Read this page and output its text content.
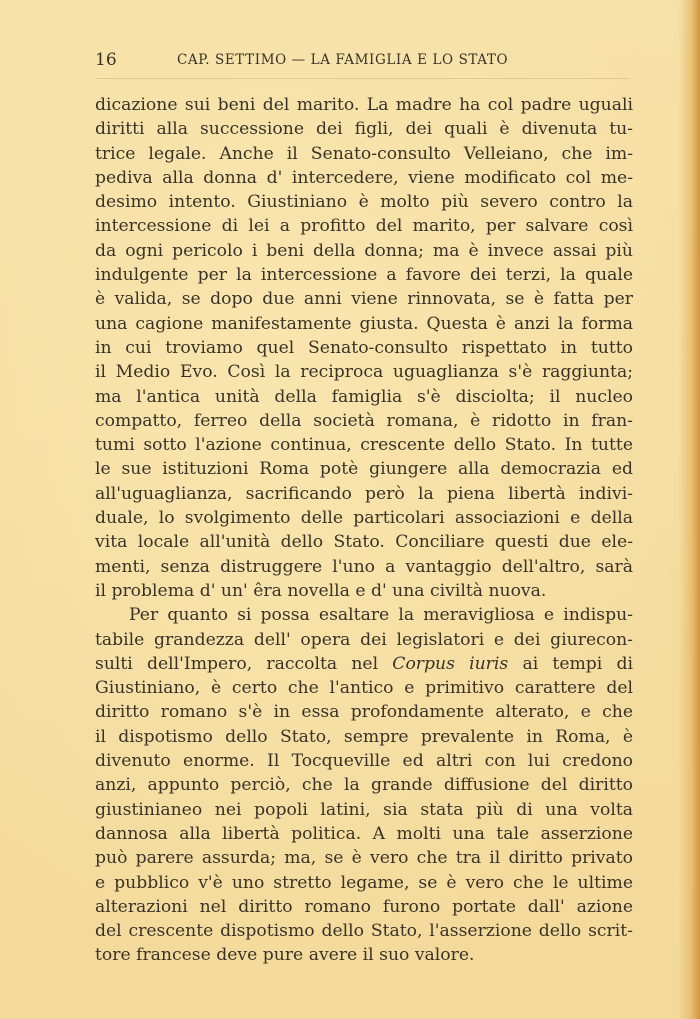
16	CAP. SETTIMO — LA FAMIGLIA E LO STATO
dicazione sui beni del marito. La madre ha col padre uguali
diritti alla successione dei figli, dei quali è divenuta tu-
trice legale. Anche il Senato-consulto Velleiano, che im-
pediva alla donna d' intercedere, viene modificato col me-
desimo intento. Giustiniano è molto più severo contro la
intercessione di lei a profitto del marito, per salvare così
da ogni pericolo i beni della donna; ma è invece assai più
indulgente per la intercessione a favore dei terzi, la quale
è valida, se dopo due anni viene rinnovata, se è fatta per
una cagione manifestamente giusta. Questa è anzi la forma
in cui troviamo quel Senato-consulto rispettato in tutto
il Medio Evo. Così la reciproca uguaglianza s'è raggiunta;
ma l'antica unità della famiglia s'è disciolta; il nucleo
compatto, ferreo della società romana, è ridotto in fran-
tumi sotto l'azione continua, crescente dello Stato. In tutte
le sue istituzioni Roma potè giungere alla democrazia ed
all'uguaglianza, sacrificando però la piena libertà indivi-
duale, lo svolgimento delle particolari associazioni e della
vita locale all'unità dello Stato. Conciliare questi due ele-
menti, senza distruggere l'uno a vantaggio dell'altro, sarà
il problema d' un' êra novella e d' una civiltà nuova.
Per quanto si possa esaltare la meravigliosa e indispu-
tabile grandezza dell' opera dei legislatori e dei giurecon-
sulti dell'Impero, raccolta nel Corpus iuris ai tempi di
Giustiniano, è certo che l'antico e primitivo carattere del
diritto romano s'è in essa profondamente alterato, e che
il dispotismo dello Stato, sempre prevalente in Roma, è
divenuto enorme. Il Tocqueville ed altri con lui credono
anzi, appunto perciò, che la grande diffusione del diritto
giustinianeo nei popoli latini, sia stata più di una volta
dannosa alla libertà politica. A molti una tale asserzione
può parere assurda; ma, se è vero che tra il diritto privato
e pubblico v'è uno stretto legame, se è vero che le ultime
alterazioni nel diritto romano furono portate dall' azione
del crescente dispotismo dello Stato, l'asserzione dello scrit-
tore francese deve pure avere il suo valore.
